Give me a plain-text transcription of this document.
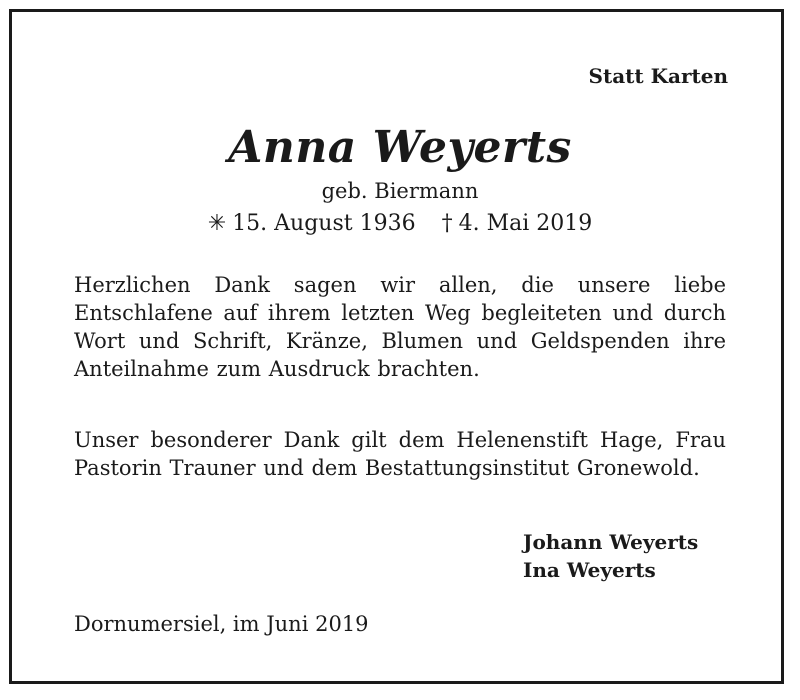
Statt Karten
Anna Weyerts
geb. Biermann
✳ 15. August 1936 † 4. Mai 2019
Herzlichen Dank sagen wir allen, die unsere liebe Entschlafene auf ihrem letzten Weg begleiteten und durch Wort und Schrift, Kränze, Blumen und Geldspenden ihre Anteilnahme zum Ausdruck brachten.
Unser besonderer Dank gilt dem Helenenstift Hage, Frau Pastorin Trauner und dem Bestattungsinstitut Gronewold.
Johann Weyerts
Ina Weyerts
Dornumersiel, im Juni 2019
